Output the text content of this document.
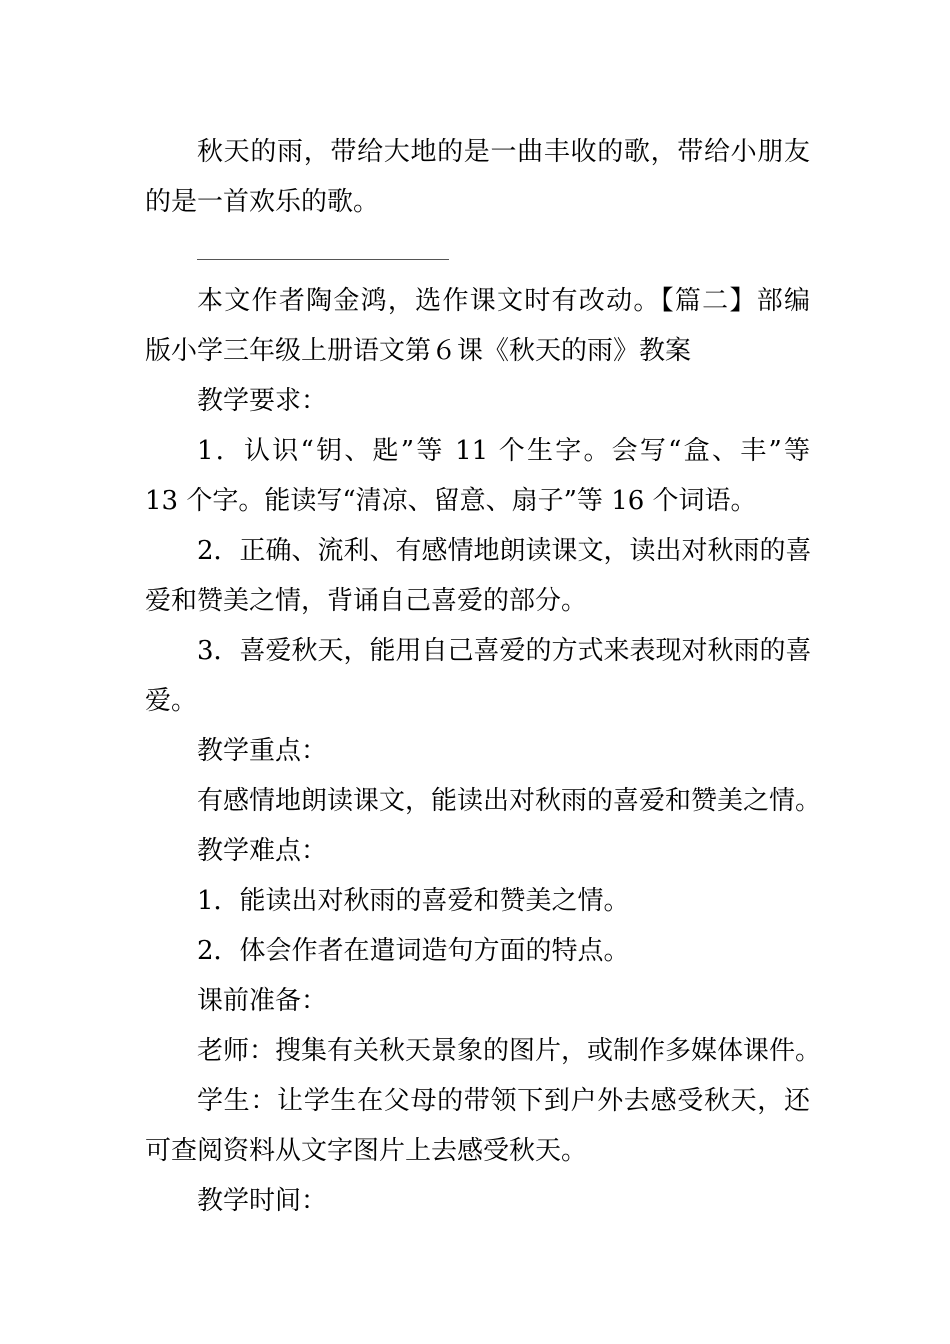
秋天的雨，带给大地的是一曲丰收的歌，带给小朋友
的是一首欢乐的歌。
本文作者陶金鸿，选作课文时有改动。【篇二】部编
版小学三年级上册语文第６课《秋天的雨》教案
教学要求：
1．认识“钥、匙”等 11 个生字。会写“盒、丰”等
13 个字。能读写“清凉、留意、扇子”等 16 个词语。
2．正确、流利、有感情地朗读课文，读出对秋雨的喜
爱和赞美之情，背诵自己喜爱的部分。
3．喜爱秋天，能用自己喜爱的方式来表现对秋雨的喜
爱。
教学重点：
有感情地朗读课文，能读出对秋雨的喜爱和赞美之情。
教学难点：
1．能读出对秋雨的喜爱和赞美之情。
2．体会作者在遣词造句方面的特点。
课前准备：
老师：搜集有关秋天景象的图片，或制作多媒体课件。
学生：让学生在父母的带领下到户外去感受秋天，还
可查阅资料从文字图片上去感受秋天。
教学时间：
